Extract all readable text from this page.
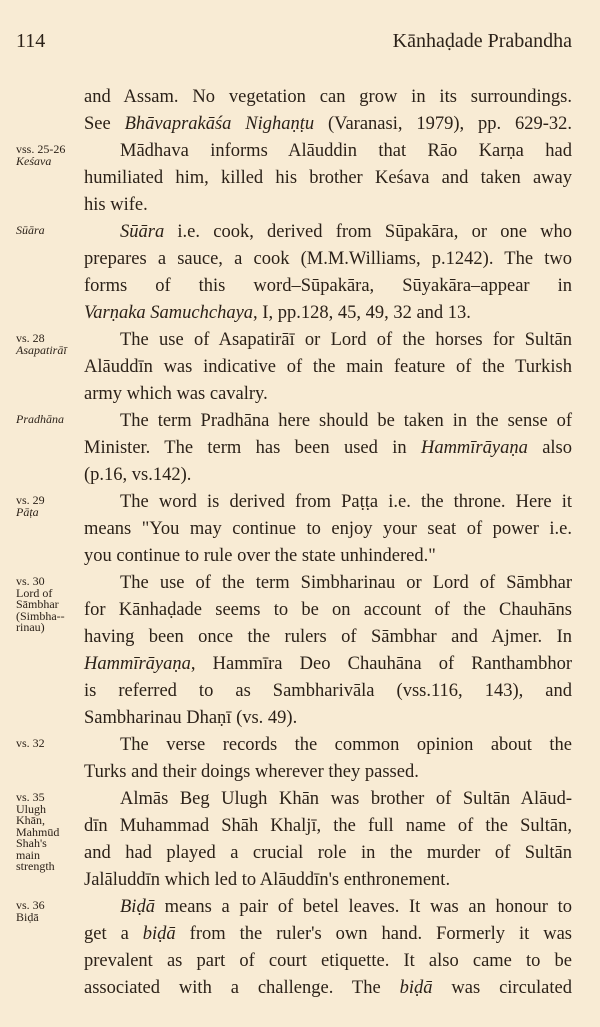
114	Kānhaḍade Prabandha
and Assam. No vegetation can grow in its surroundings.
See Bhāvaprakāśa Nighaṇṭu (Varanasi, 1979), pp. 629-32.
Mādhava informs Alāuddin that Rāo Karṇa had
humiliated him, killed his brother Keśava and taken away
his wife.
Sūāra i.e. cook, derived from Sūpakāra, or one who
prepares a sauce, a cook (M.M.Williams, p.1242). The two
forms of this word–Sūpakāra, Sūyakāra–appear in
Varṇaka Samuchchaya, I, pp.128, 45, 49, 32 and 13.
The use of Asapatirāī or Lord of the horses for Sultān
Alāuddīn was indicative of the main feature of the Turkish
army which was cavalry.
The term Pradhāna here should be taken in the sense of
Minister. The term has been used in Hammīrāyaṇa also
(p.16, vs.142).
The word is derived from Paṭṭa i.e. the throne. Here it
means "You may continue to enjoy your seat of power i.e.
you continue to rule over the state unhindered."
The use of the term Simbharinau or Lord of Sāmbhar
for Kānhaḍade seems to be on account of the Chauhāns
having been once the rulers of Sāmbhar and Ajmer. In
Hammīrāyaṇa, Hammīra Deo Chauhāna of Ranthambhor
is referred to as Sambharivāla (vss.116, 143), and
Sambharinau Dhaṇī (vs. 49).
The verse records the common opinion about the
Turks and their doings wherever they passed.
Almās Beg Ulugh Khān was brother of Sultān Alāud-
dīn Muhammad Shāh Khaljī, the full name of the Sultān,
and had played a crucial role in the murder of Sultān
Jalāluddīn which led to Alāuddīn's enthronement.
Biḍā means a pair of betel leaves. It was an honour to
get a biḍā from the ruler's own hand. Formerly it was
prevalent as part of court etiquette. It also came to be
associated with a challenge. The biḍā was circulated
vss. 25-26
Keśava
Sūāra
vs. 28
Asapatirāī
Pradhāna
vs. 29
Pāṭa
vs. 30
Lord of
Sāmbhar
(Simbha--
rinau)
vs. 32
vs. 35
Ulugh
Khān,
Mahmūd
Shah's
main
strength
vs. 36
Biḍā
